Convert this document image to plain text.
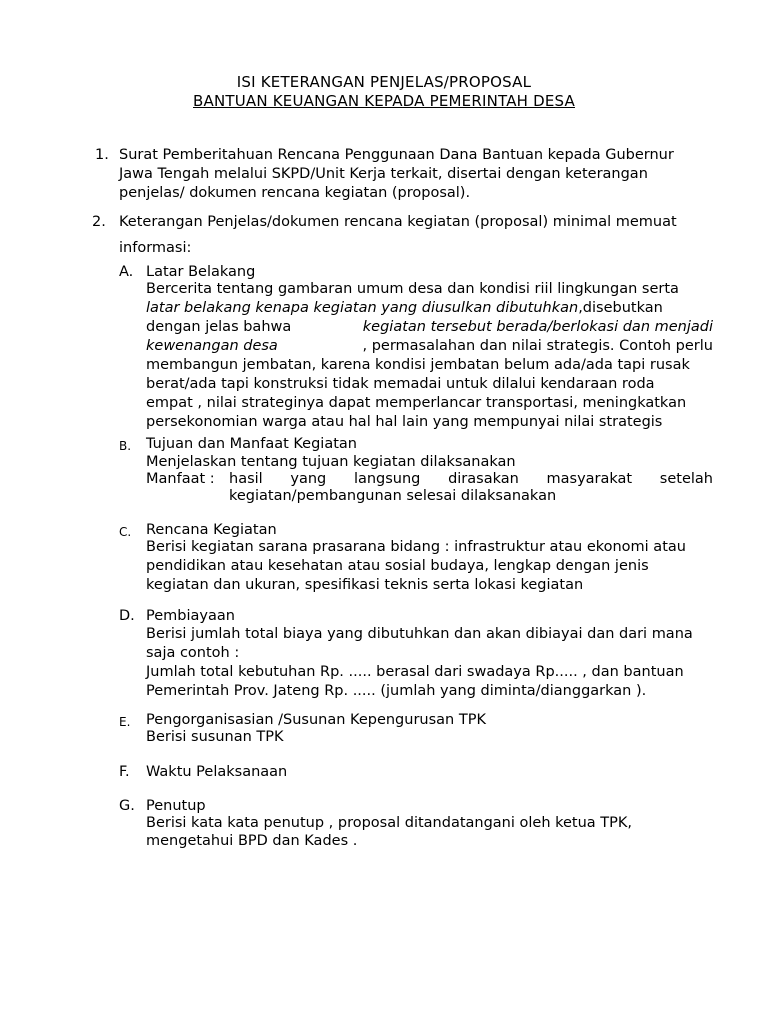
ISI KETERANGAN PENJELAS/PROPOSAL
BANTUAN KEUANGAN KEPADA PEMERINTAH DESA
1. Surat Pemberitahuan Rencana Penggunaan Dana Bantuan kepada Gubernur

Jawa Tengah melalui SKPD/Unit Kerja terkait, disertai dengan keterangan

penjelas/ dokumen rencana kegiatan (proposal).

2. Keterangan Penjelas/dokumen rencana kegiatan (proposal) minimal memuat
informasi:
A. Latar Belakang

Bercerita tentang gambaran umum desa dan kondisi riil lingkungan serta

latar belakang kenapa kegiatan yang diusulkan dibutuhkan,disebutkan

dengan jelas bahwa	kegiatan tersebut berada/berlokasi dan menjadi

kewenangan desa	, permasalahan dan nilai strategis. Contoh perlu

membangun jembatan, karena kondisi jembatan belum ada/ada tapi rusak

berat/ada tapi konstruksi tidak memadai untuk dilalui kendaraan roda

empat , nilai strateginya dapat memperlancar transportasi, meningkatkan

persekonomian warga atau hal hal lain yang mempunyai nilai strategis

B. Tujuan dan Manfaat Kegiatan
Menjelaskan tentang tujuan kegiatan dilaksanakan
Manfaat : hasil yang langsung dirasakan masyarakat setelah
kegiatan/pembangunan selesai dilaksanakan
C. Rencana Kegiatan

Berisi kegiatan sarana prasarana bidang : infrastruktur atau ekonomi atau

pendidikan atau kesehatan atau sosial budaya, lengkap dengan jenis

kegiatan dan ukuran, spesifikasi teknis serta lokasi kegiatan

D. Pembiayaan

Berisi jumlah total biaya yang dibutuhkan dan akan dibiayai dan dari mana

saja contoh :

Jumlah total kebutuhan Rp. ..... berasal dari swadaya Rp..... , dan bantuan

Pemerintah Prov. Jateng Rp. ..... (jumlah yang diminta/dianggarkan ).

E. Pengorganisasian /Susunan Kepengurusan TPK
Berisi susunan TPK
F. Waktu Pelaksanaan
G. Penutup
Berisi kata kata penutup , proposal ditandatangani oleh ketua TPK,
mengetahui BPD dan Kades .
